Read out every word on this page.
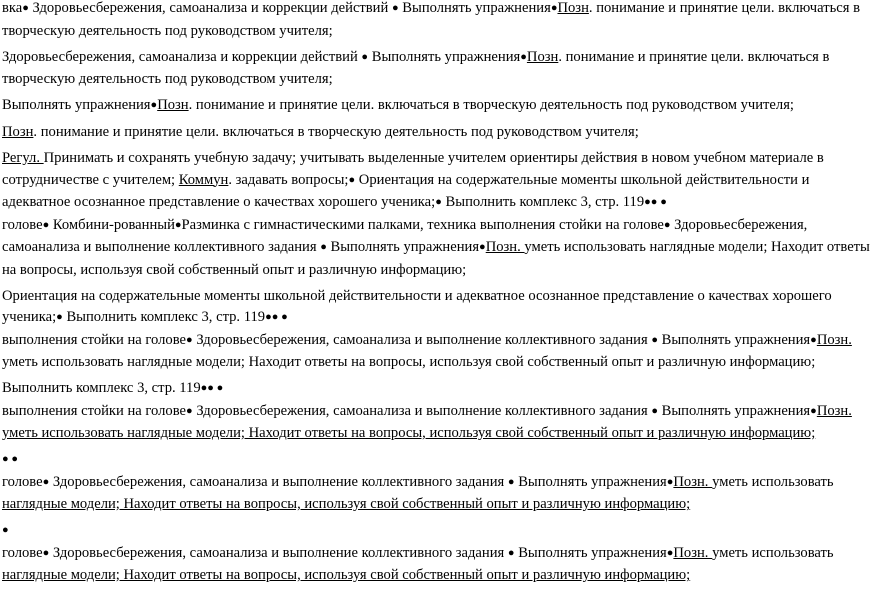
вка● Здоровьесбережения, самоанализа и коррекции действий ● Выполнять упражнения●Позн. понимание и принятие цели. включаться в
творческую деятельность под руководством учителя;

Здоровьесбережения, самоанализа и коррекции действий ● Выполнять упражнения●Позн. понимание и принятие цели. включаться в
творческую деятельность под руководством учителя;

Выполнять упражнения●Позн. понимание и принятие цели. включаться в творческую деятельность под руководством учителя;

Позн. понимание и принятие цели. включаться в творческую деятельность под руководством учителя;

Регул. Принимать и сохранять учебную задачу; учитывать выделенные учителем ориентиры действия в новом учебном материале в
сотрудничестве с учителем; Коммун. задавать вопросы;● Ориентация на содержательные моменты школьной действительности и
адекватное осознанное представление о качествах хорошего ученика;● Выполнить комплекс 3, стр. 119●● ●
голове● Комбини-рованный●Разминка с гимнастическими палками, техника выполнения стойки на голове● Здоровьесбережения,
самоанализа и выполнение коллективного задания ● Выполнять упражнения●Позн. уметь использовать наглядные модели; Находит ответы
на вопросы, используя свой собственный опыт и различную информацию;

Ориентация на содержательные моменты школьной действительности и адекватное осознанное представление о качествах хорошего
ученика;● Выполнить комплекс 3, стр. 119●● ●
выполнения стойки на голове● Здоровьесбережения, самоанализа и выполнение коллективного задания ● Выполнять упражнения●Позн.
уметь использовать наглядные модели; Находит ответы на вопросы, используя свой собственный опыт и различную информацию;

Выполнить комплекс 3, стр. 119●● ●
выполнения стойки на голове● Здоровьесбережения, самоанализа и выполнение коллективного задания ● Выполнять упражнения●Позн.
уметь использовать наглядные модели; Находит ответы на вопросы, используя свой собственный опыт и различную информацию;

● ●
голове● Здоровьесбережения, самоанализа и выполнение коллективного задания ● Выполнять упражнения●Позн. уметь использовать
наглядные модели; Находит ответы на вопросы, используя свой собственный опыт и различную информацию;

●
голове● Здоровьесбережения, самоанализа и выполнение коллективного задания ● Выполнять упражнения●Позн. уметь использовать
наглядные модели; Находит ответы на вопросы, используя свой собственный опыт и различную информацию;
